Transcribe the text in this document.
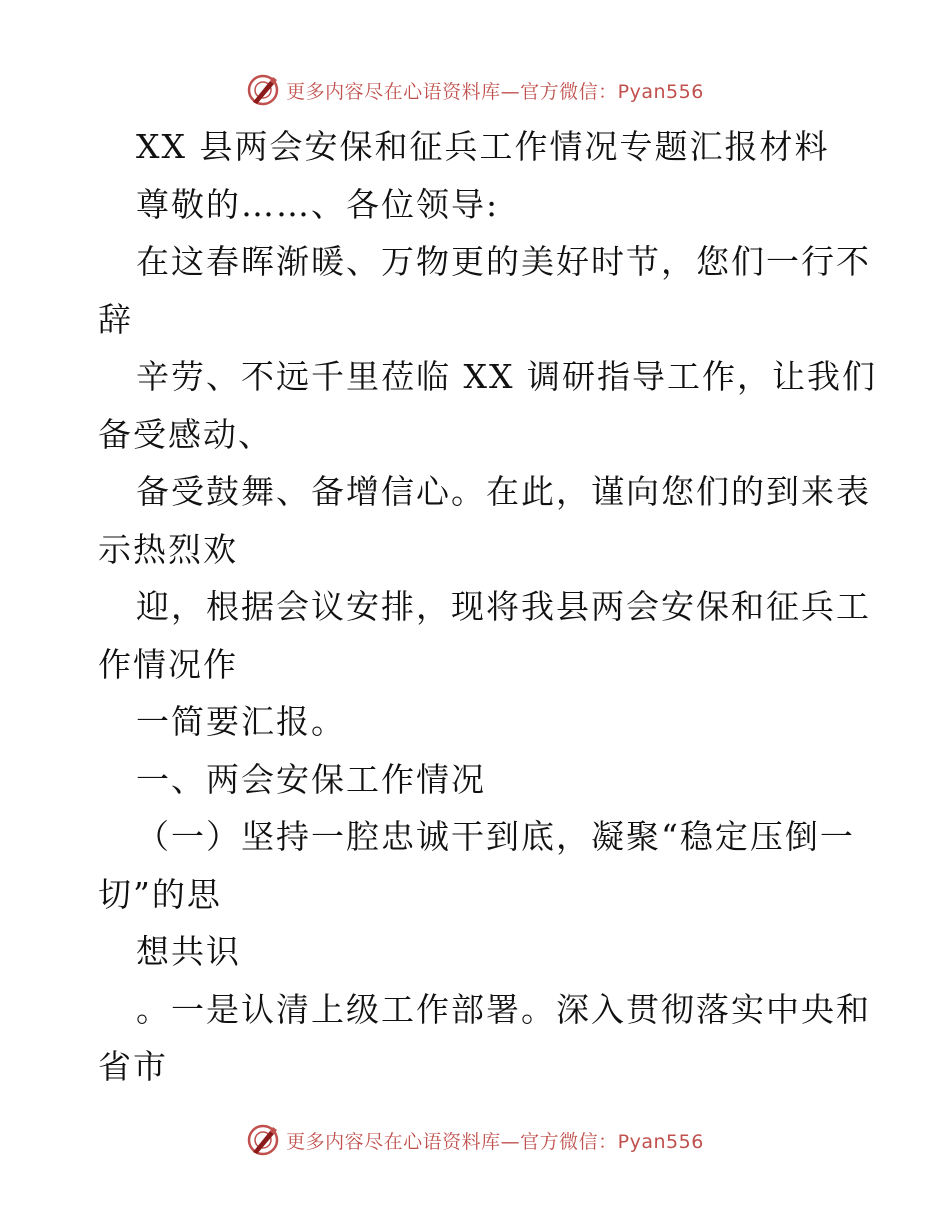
更多内容尽在心语资料库—官方微信：Pyan556
XX 县两会安保和征兵工作情况专题汇报材料
尊敬的……、各位领导:
在这春晖渐暖、万物更的美好时节，您们一行不
辞
辛劳、不远千里莅临 XX 调研指导工作，让我们
备受感动、
备受鼓舞、备增信心。在此，谨向您们的到来表
示热烈欢
迎，根据会议安排，现将我县两会安保和征兵工
作情况作
一简要汇报。
一、两会安保工作情况
（一）坚持一腔忠诚干到底，凝聚“稳定压倒一
切”的思
想共识
。一是认清上级工作部署。深入贯彻落实中央和
省市
更多内容尽在心语资料库—官方微信：Pyan556
